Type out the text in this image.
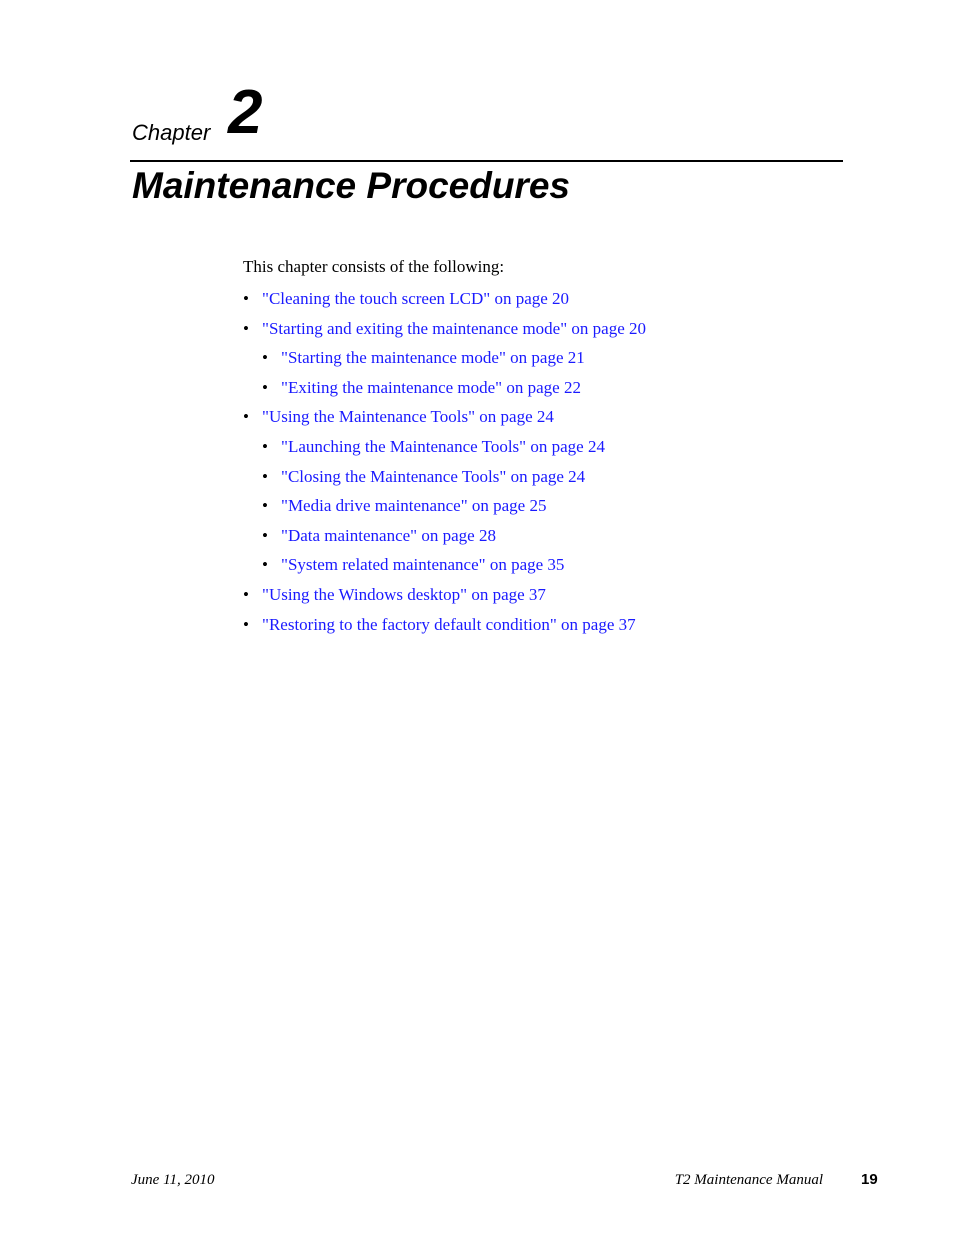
Chapter 2
Maintenance Procedures
This chapter consists of the following:
• "Cleaning the touch screen LCD" on page 20
• "Starting and exiting the maintenance mode" on page 20
• "Starting the maintenance mode" on page 21
• "Exiting the maintenance mode" on page 22
• "Using the Maintenance Tools" on page 24
• "Launching the Maintenance Tools" on page 24
• "Closing the Maintenance Tools" on page 24
• "Media drive maintenance" on page 25
• "Data maintenance" on page 28
• "System related maintenance" on page 35
• "Using the Windows desktop" on page 37
• "Restoring to the factory default condition" on page 37
June 11, 2010	T2 Maintenance Manual	19
